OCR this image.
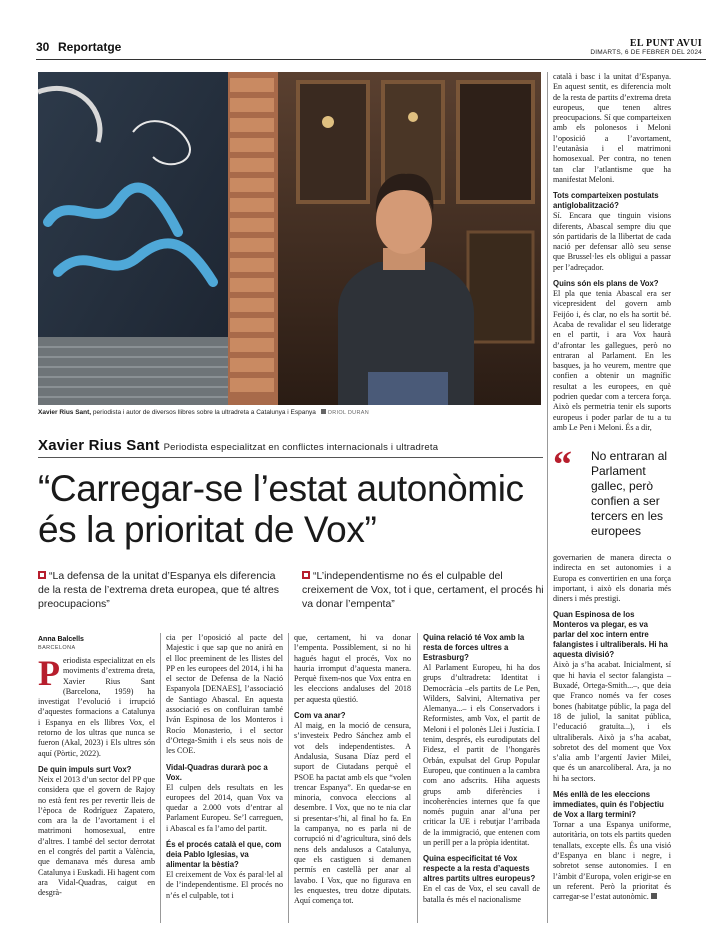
30 Reportatge	EL PUNT AVUI
DIMARTS, 6 DE FEBRER DEL 2024
Xavier Rius Sant, periodista i autor de diversos llibres sobre la ultradreta a Catalunya i Espanya ORIOL DURAN
Xavier Rius Sant Periodista especialitzat en conflictes internacionals i ultradreta
“Carregar-se l’estat autonòmic
és la prioritat de Vox”
“La defensa de la unitat d’Espanya els diferencia de la resta de l’extrema dreta europea, que té altres preocupacions”
“L’independentisme no és el culpable del creixement de Vox, tot i que, certament, el procés hi va donar l’empenta”
Anna Balcells
BARCELONA

Periodista especialitzat en els moviments d’extrema dreta, Xavier Rius Sant (Barcelona, 1959) ha investigat l’evolució i irrupció d’aquestes formacions a Catalunya i Espanya en els llibres Vox, el retorno de los ultras que nunca se fueron (Akal, 2023) i Els ultres són aquí (Pòrtic, 2022).

De quin impuls surt Vox?

Neix el 2013 d’un sector del PP que considera que el govern de Rajoy no està fent res per revertir lleis de l’època de Rodríguez Zapatero, com ara la de l’avortament i el matrimoni homosexual, entre d’altres. I també del sector derrotat en el congrés del partit a València, que demanava més duresa amb Catalunya i Euskadi. Hi hagent com ara Vidal-Quadras, caigut en desgrà-

cia per l’oposició al pacte del Majestic i que sap que no anirà en el lloc preeminent de les llistes del PP en les europees del 2014, i hi ha el sector de Defensa de la Nació Espanyola [DENAES], l’associació de Santiago Abascal. En aquesta associació es on confluiran també Iván Espinosa de los Monteros i Rocío Monasterio, i el sector d’Ortega-Smith i els seus nois de les COE.

Vidal-Quadras durarà poc a Vox.

El culpen dels resultats en les europees del 2014, quan Vox va quedar a 2.000 vots d’entrar al Parlament Europeu. Se’l carreguen, i Abascal es fa l’amo del partit.

És el procés català el que, com deia Pablo Iglesias, va alimentar la bèstia?

El creixement de Vox és paral·lel al de l’independentisme. El procés no n’és el culpable, tot i

que, certament, hi va donar l’empenta. Possiblement, si no hi hagués hagut el procés, Vox no hauria irromput d’aquesta manera. Perquè fixem-nos que Vox entra en les eleccions andaluses del 2018 per aquesta qüestió.

Com va anar?

Al maig, en la moció de censura, s’investeix Pedro Sánchez amb el vot dels independentistes. A Andalusia, Susana Díaz perd el suport de Ciutadans perquè el PSOE ha pactat amb els que “volen trencar Espanya”. En quedar-se en minoria, convoca eleccions al desembre. I Vox, que no te nia clar si presentar-s’hi, al final ho fa. En la campanya, no es parla ni de corrupció ni d’agricultura, sinó dels nens dels andalusos a Catalunya, que els castiguen si demanen permís en castellà per anar al lavabo. I Vox, que no figurava en les enquestes, treu dotze diputats. Aquí comença tot.

Quina relació té Vox amb la resta de forces ultres a Estrasburg?

Al Parlament Europeu, hi ha dos grups d’ultradreta: Identitat i Democràcia –els partits de Le Pen, Wilders, Salvini, Alternativa per Alemanya...– i els Conservadors i Reformistes, amb Vox, el partit de Meloni i el polonès Llei i Justícia. I tenim, després, els eurodiputats del Fidesz, el partit de l’hongarès Orbán, expulsat del Grup Popular Europeu, que continuen a la cambra com ano adscrits. Hiha aquests grups amb diferències i incoherències internes que fa que només puguin anar al’una per criticar la UE i rebutjar l’arribada de la immigració, que entenen com un perill per a la pròpia identitat.

Quina especificitat té Vox respecte a la resta d’aquests altres partits ultres europeus?

En el cas de Vox, el seu cavall de batalla és més el nacionalisme

català i basc i la unitat d’Espanya. En aquest sentit, es diferencia molt de la resta de partits d’extrema dreta europeus, que tenen altres preocupacions. Sí que comparteixen amb els polonesos i Meloni l’oposició a l’avortament, l’eutanàsia i el matrimoni homosexual. Per contra, no tenen tan clar l’atlantisme que ha manifestat Meloni.

Tots comparteixen postulats antiglobalització?

Sí. Encara que tinguin visions diferents, Abascal sempre diu que són partidaris de la llibertat de cada nació per defensar allò seu sense que Brussel·les els obligui a passar per l’adreçador.

Quins són els plans de Vox?

El pla que tenia Abascal era ser vicepresident del govern amb Feijóo i, és clar, no els ha sortit bé. Acaba de revalidar el seu lideratge en el partit, i ara Vox haurà d’afrontar les gallegues, però no entraran al Parlament. En les basques, ja ho veurem, mentre que confien a obtenir un magnífic resultat a les europees, en què podrien quedar com a tercera força. Això els permetria tenir els suports europeus i poder parlar de tu a tu amb Le Pen i Meloni. És a dir,

“ No entraran al Parlament gallec, però confien a ser tercers en les europees

governarien de manera directa o indirecta en set autonomies i a Europa es convertirien en una força important, i això els donaria més diners i més prestigi.

Quan Espinosa de los Monteros va plegar, es va parlar del xoc intern entre falangistes i ultraliberals. Hi ha aquesta divisió?

Això ja s’ha acabat. Inicialment, sí que hi havia el sector falangista –Buxadé, Ortega-Smith...–, que deia que Franco només va fer coses bones (habitatge públic, la paga del 18 de juliol, la sanitat pública, l’educació gratuïta...), i els ultraliberals. Això ja s’ha acabat, sobretot des del moment que Vox s’alia amb l’argentí Javier Milei, que és un anarcoliberal. Ara, ja no hi ha sectors.

Més enllà de les eleccions immediates, quin és l’objectiu de Vox a llarg termini?

Tornar a una Espanya uniforme, autoritària, on tots els partits queden tenallats, excepte ells. És una visió d’Espanya en blanc i negre, i sobretot sense autonomies. I en l’àmbit d’Europa, volen erigir-se en un referent. Però la prioritat és carregar-se l’estat autonòmic.
